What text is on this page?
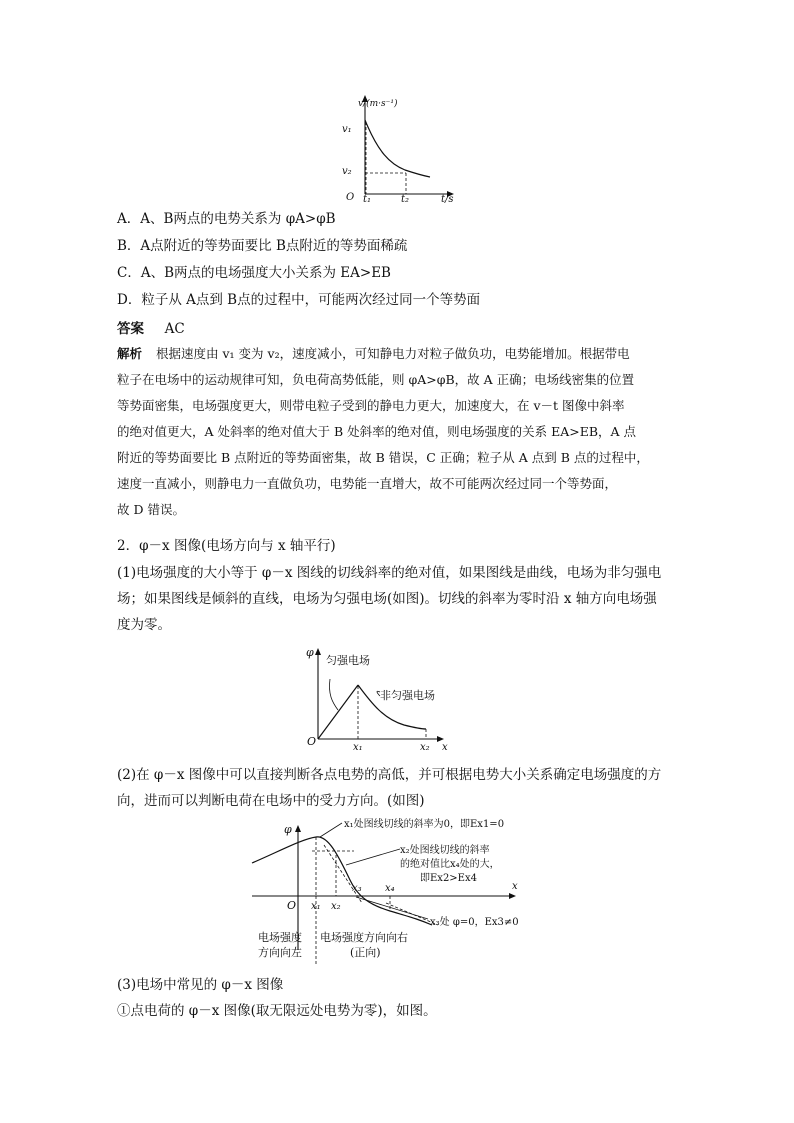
v/(m·s⁻¹)
v₁
v₂
O t₁	t₂	t/s
A．A、B两点的电势关系为 φA>φB
B．A点附近的等势面要比 B点附近的等势面稀疏
C．A、B两点的电场强度大小关系为 EA>EB
D．粒子从 A点到 B点的过程中，可能两次经过同一个等势面
答案 AC

解析 根据速度由 v₁ 变为 v₂，速度减小，可知静电力对粒子做负功，电势能增加。根据带电

粒子在电场中的运动规律可知，负电荷高势低能，则 φA>φB，故 A 正确；电场线密集的位置

等势面密集，电场强度更大，则带电粒子受到的静电力更大，加速度大，在 v－t 图像中斜率

的绝对值更大，A 处斜率的绝对值大于 B 处斜率的绝对值，则电场强度的关系 EA>EB，A 点

附近的等势面要比 B 点附近的等势面密集，故 B 错误，C 正确；粒子从 A 点到 B 点的过程中，

速度一直减小，则静电力一直做负功，电势能一直增大，故不可能两次经过同一个等势面，

故 D 错误。

2．φ－x 图像(电场方向与 x 轴平行)

(1)电场强度的大小等于 φ－x 图线的切线斜率的绝对值，如果图线是曲线，电场为非匀强电

场；如果图线是倾斜的直线，电场为匀强电场(如图)。切线的斜率为零时沿 x 轴方向电场强

度为零。

φ
匀强电场
非匀强电场
O	x₁	x₂ x

(2)在 φ－x 图像中可以直接判断各点电势的高低，并可根据电势大小关系确定电场强度的方

向，进而可以判断电荷在电场中的受力方向。(如图)

φ	x₁处图线切线的斜率为0，即Ex1=0
x₂处图线切线的斜率
的绝对值比x₄处的大，
即Ex2>Ex4
x₃处 φ=0，Ex3≠0
O x₁ x₂
x₃ x₄	x
电场强度
方向向左
电场强度方向向右
(正向)
(3)电场中常见的 φ－x 图像
①点电荷的 φ－x 图像(取无限远处电势为零)，如图。
